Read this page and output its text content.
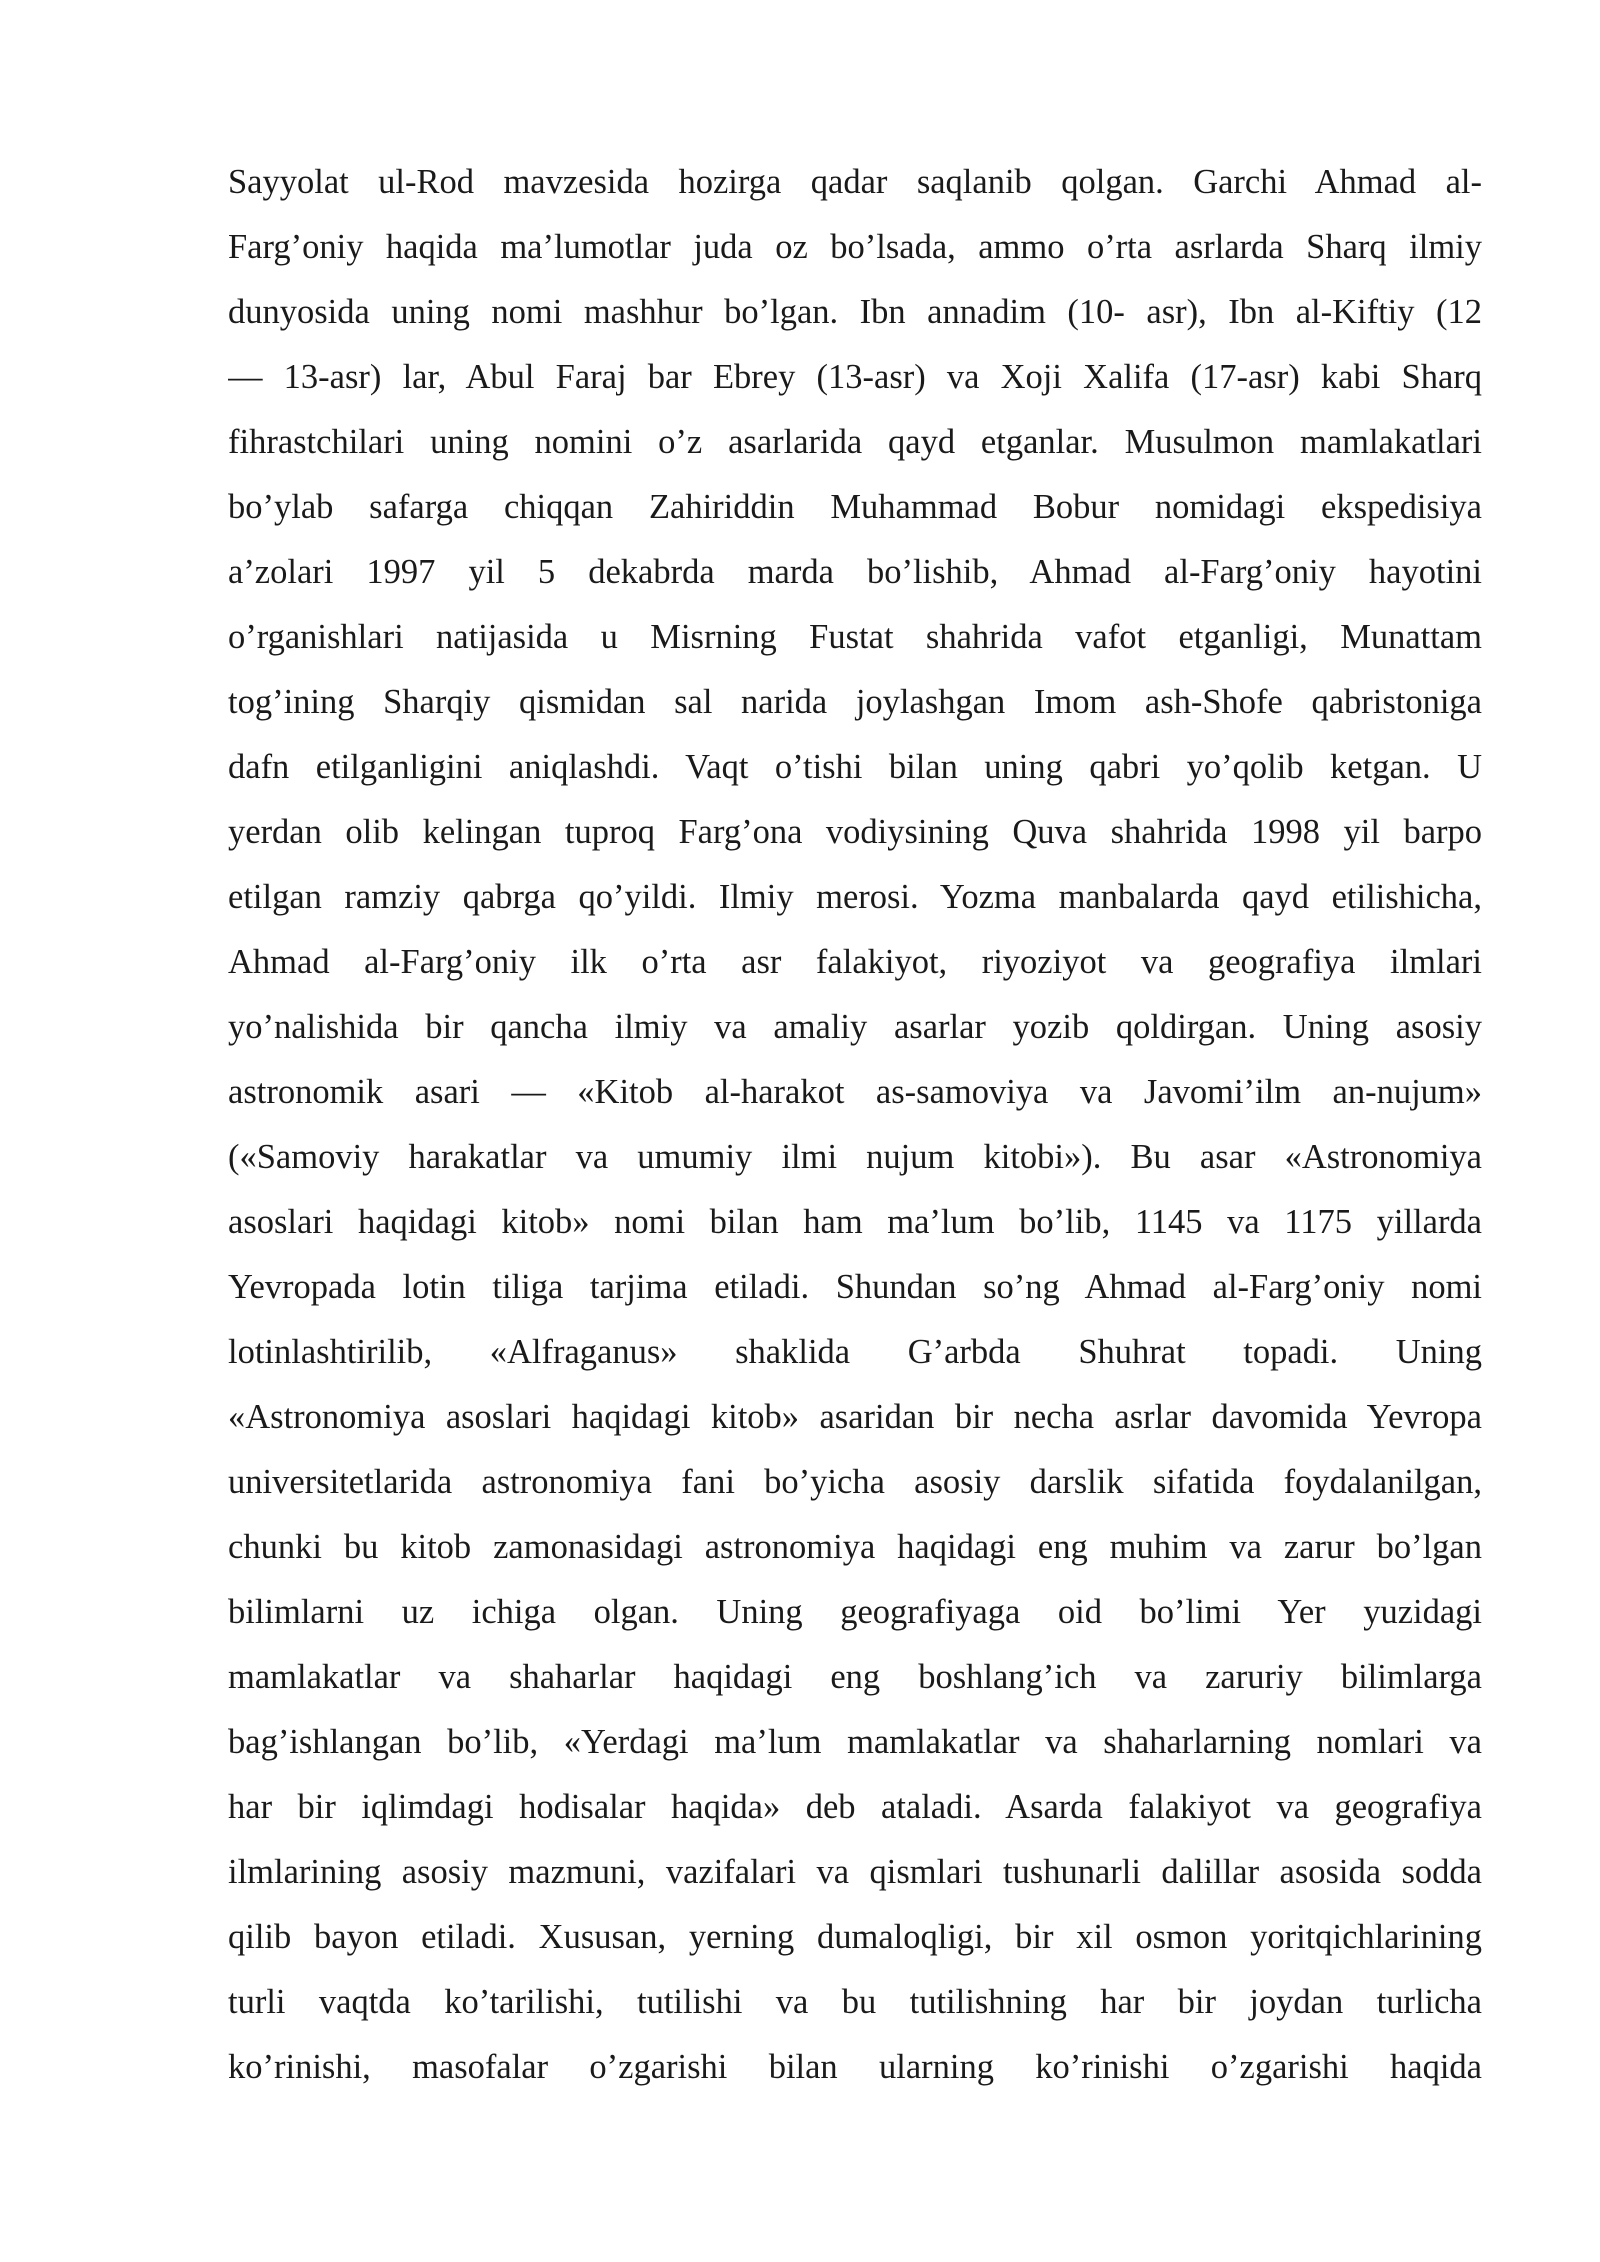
Sayyolat ul-Rod mavzesida hozirga qadar saqlanib qolgan. Garchi Ahmad al-
Farg’oniy haqida ma’lumotlar juda oz bo’lsada, ammo o’rta asrlarda Sharq ilmiy
dunyosida uning nomi mashhur bo’lgan. Ibn annadim (10- asr), Ibn al-Kiftiy (12
— 13-asr) lar, Abul Faraj bar Ebrey (13-asr) va Xoji Xalifa (17-asr) kabi Sharq
fihrastchilari uning nomini o’z asarlarida qayd etganlar. Musulmon mamlakatlari
bo’ylab safarga chiqqan Zahiriddin Muhammad Bobur nomidagi ekspedisiya
a’zolari 1997 yil 5 dekabrda marda bo’lishib, Ahmad al-Farg’oniy hayotini
o’rganishlari natijasida u Misrning Fustat shahrida vafot etganligi, Munattam
tog’ining Sharqiy qismidan sal narida joylashgan Imom ash-Shofe qabristoniga
dafn etilganligini aniqlashdi. Vaqt o’tishi bilan uning qabri yo’qolib ketgan. U
yerdan olib kelingan tuproq Farg’ona vodiysining Quva shahrida 1998 yil barpo
etilgan ramziy qabrga qo’yildi. Ilmiy merosi. Yozma manbalarda qayd etilishicha,
Ahmad al-Farg’oniy ilk o’rta asr falakiyot, riyoziyot va geografiya ilmlari
yo’nalishida bir qancha ilmiy va amaliy asarlar yozib qoldirgan. Uning asosiy
astronomik asari — «Kitob al-harakot as-samoviya va Javomi’ilm an-nujum»
(«Samoviy harakatlar va umumiy ilmi nujum kitobi»). Bu asar «Astronomiya
asoslari haqidagi kitob» nomi bilan ham ma’lum bo’lib, 1145 va 1175 yillarda
Yevropada lotin tiliga tarjima etiladi. Shundan so’ng Ahmad al-Farg’oniy nomi
lotinlashtirilib, «Alfraganus» shaklida G’arbda Shuhrat topadi. Uning
«Astronomiya asoslari haqidagi kitob» asaridan bir necha asrlar davomida Yevropa
universitetlarida astronomiya fani bo’yicha asosiy darslik sifatida foydalanilgan,
chunki bu kitob zamonasidagi astronomiya haqidagi eng muhim va zarur bo’lgan
bilimlarni uz ichiga olgan. Uning geografiyaga oid bo’limi Yer yuzidagi
mamlakatlar va shaharlar haqidagi eng boshlang’ich va zaruriy bilimlarga
bag’ishlangan bo’lib, «Yerdagi ma’lum mamlakatlar va shaharlarning nomlari va
har bir iqlimdagi hodisalar haqida» deb ataladi. Asarda falakiyot va geografiya
ilmlarining asosiy mazmuni, vazifalari va qismlari tushunarli dalillar asosida sodda
qilib bayon etiladi. Xususan, yerning dumaloqligi, bir xil osmon yoritqichlarining
turli vaqtda ko’tarilishi, tutilishi va bu tutilishning har bir joydan turlicha
ko’rinishi, masofalar o’zgarishi bilan ularning ko’rinishi o’zgarishi haqida
